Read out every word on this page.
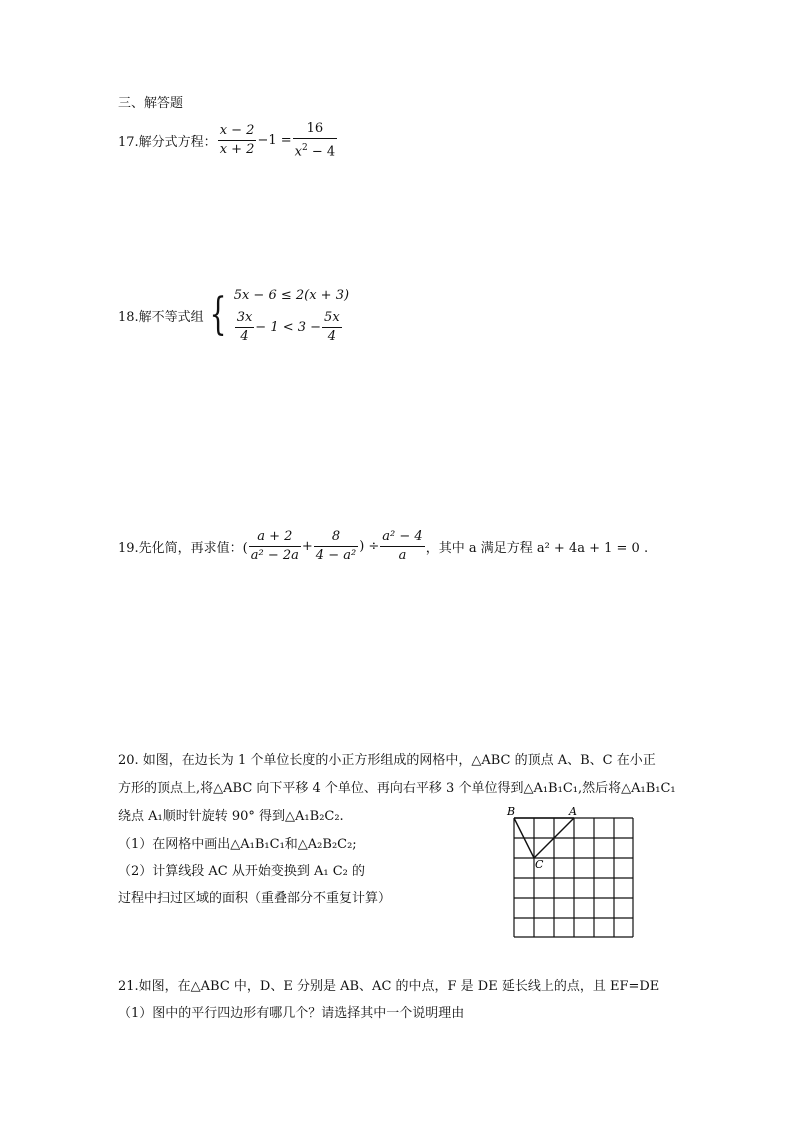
三、解答题
17.解分式方程： $\frac{x - 2}{x + 2} -1 = \frac{16}{x^2 - 4}$
18.解不等式组 { 5x − 6 ≤ 2(x + 3)
$\frac{3x}{4} - 1 < 3 - \frac{5x}{4}$
19.先化简，再求值：( $\frac{a + 2}{\text{a² − 2a}} + \frac{8}{\text{4 − a²}}$ ) ÷ $\frac{\text{a² − 4}}{a}$ ，其中 a 满足方程 a² + 4a + 1 = 0 .
20. 如图，在边长为 1 个单位长度的小正方形组成的网格中，△ABC 的顶点 A、B、C 在小正
方形的顶点上,将△ABC 向下平移 4 个单位、再向右平移 3 个单位得到△A₁B₁C₁,然后将△A₁B₁C₁
绕点 A₁顺时针旋转 90° 得到△A₁B₂C₂.
（1）在网格中画出△A₁B₁C₁和△A₂B₂C₂;
（2）计算线段 AC 从开始变换到 A₁ C₂ 的
过程中扫过区域的面积（重叠部分不重复计算）
B	A
C
21.如图，在△ABC 中，D、E 分别是 AB、AC 的中点，F 是 DE 延长线上的点，且 EF=DE
（1）图中的平行四边形有哪几个？请选择其中一个说明理由
